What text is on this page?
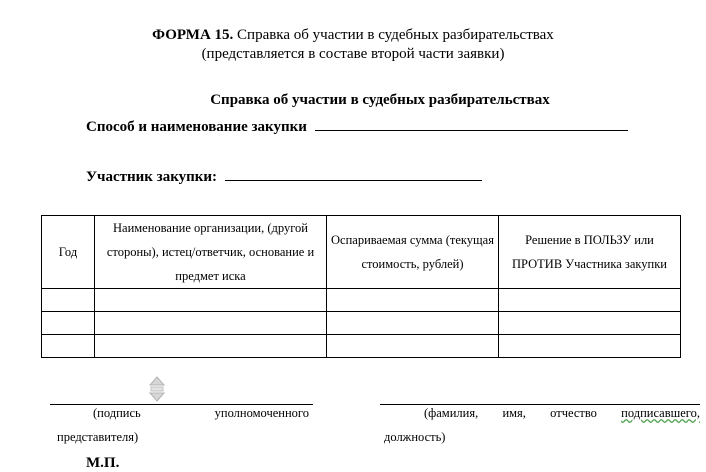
ФОРМА 15. Справка об участии в судебных разбирательствах
(представляется в составе второй части заявки)
Справка об участии в судебных разбирательствах
Способ и наименование закупки
Участник закупки:
Год	Наименование организации, (другой стороны), истец/ответчик, основание и предмет иска	Оспариваемая сумма (текущая стоимость, рублей)	Решение в ПОЛЬЗУ или ПРОТИВ Участника закупки

(подпись	уполномоченного
представителя)
(фамилия, имя, отчество подписавшего,
должность)
М.П.
